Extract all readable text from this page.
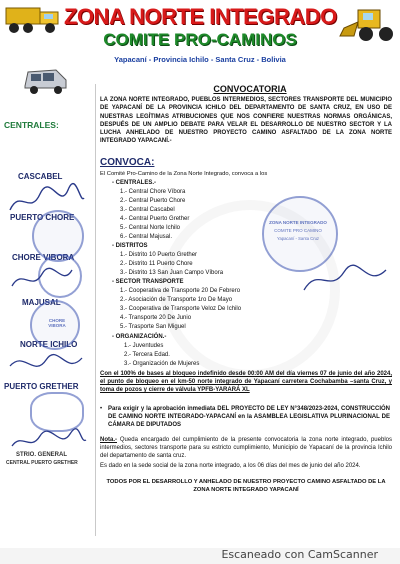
ZONA NORTE INTEGRADO
COMITE PRO-CAMINOS
Yapacaní - Provincia Ichilo - Santa Cruz - Bolivia
CENTRALES:
CASCABEL
PUERTO CHORE
CHORE VIBORA
MAJUSAL
NORTE ICHILO
PUERTO GRETHER
STRIO. GENERAL
CENTRAL PUERTO GRETHER
ZONA NORTE INTEGRADO
COMITE PRO CAMINO
Yapacaní - Santa Cruz
CHORE VIBORA
CONVOCATORIA
LA ZONA NORTE INTEGRADO, PUEBLOS INTERMEDIOS, SECTORES TRANSPORTE DEL MUNICIPIO DE YAPACANÍ DE LA PROVINCIA ICHILO DEL DEPARTAMENTO DE SANTA CRUZ, EN USO DE NUESTRAS LEGÍTIMAS ATRIBUCIONES QUE NOS CONFIERE NUESTRAS NORMAS ORGÁNICAS, DESPUÉS DE UN AMPLIO DEBATE PARA VELAR EL DESARROLLO DE NUESTRO SECTOR Y LA LUCHA ANHELADO DE NUESTRO PROYECTO CAMINO ASFALTADO DE LA ZONA NORTE INTEGRADO YAPACANÍ.-
CONVOCA:
El Comité Pro-Camino de la Zona Norte Integrado, convoca a los
- CENTRALES.-
1.- Central Chore Víbora
2.- Central Puerto Chore
3.- Central Cascabel
4.- Central Puerto Grether
5.- Central Norte Ichilo
6.- Central Majusal.
- DISTRITOS
1.- Distrito 10 Puerto Grether
2.- Distrito 11 Puerto Chore
3.- Distrito 13 San Juan Campo Víbora
- SECTOR TRANSPORTE
1.- Cooperativa de Transporte 20 De Febrero
2.- Asociación de Transporte 1ro De Mayo
3.- Cooperativa de Transporte Veloz De Ichilo
4.- Transporte 20 De Junio
5.- Trasporte San Miguel
- ORGANIZACIÓN.-
1.- Juventudes
2.- Tercera Edad.
3.- Organización de Mujeres
Con el 100% de bases al bloqueo indefinido desde 00:00 AM del día viernes 07 de junio del año 2024, el punto de bloqueo en el km-50 norte integrado de Yapacaní carretera Cochabamba –santa Cruz, y toma de pozos y cierre de válvula YPFB-YARARÁ XL
• Para exigir y la aprobación inmediata DEL PROYECTO DE LEY N°348/2023-2024, CONSTRUCCIÓN DE CAMINO NORTE INTEGRADO-YAPACANÍ en la ASAMBLEA LEGISLATIVA PLURINACIONAL DE CÁMARA DE DIPUTADOS
Nota.- Queda encargado del cumplimiento de la presente convocatoria la zona norte integrado, pueblos intermedios, sectores transporte para su estricto cumplimiento, Municipio de Yapacaní de la provincia Ichilo del departamento de santa cruz.
Es dado en la sede social de la zona norte integrado, a los 06 días del mes de junio del año 2024.
TODOS POR EL DESARROLLO Y ANHELADO DE NUESTRO PROYECTO CAMINO ASFALTADO DE LA ZONA NORTE INTEGRADO YAPACANÍ
Escaneado con CamScanner
